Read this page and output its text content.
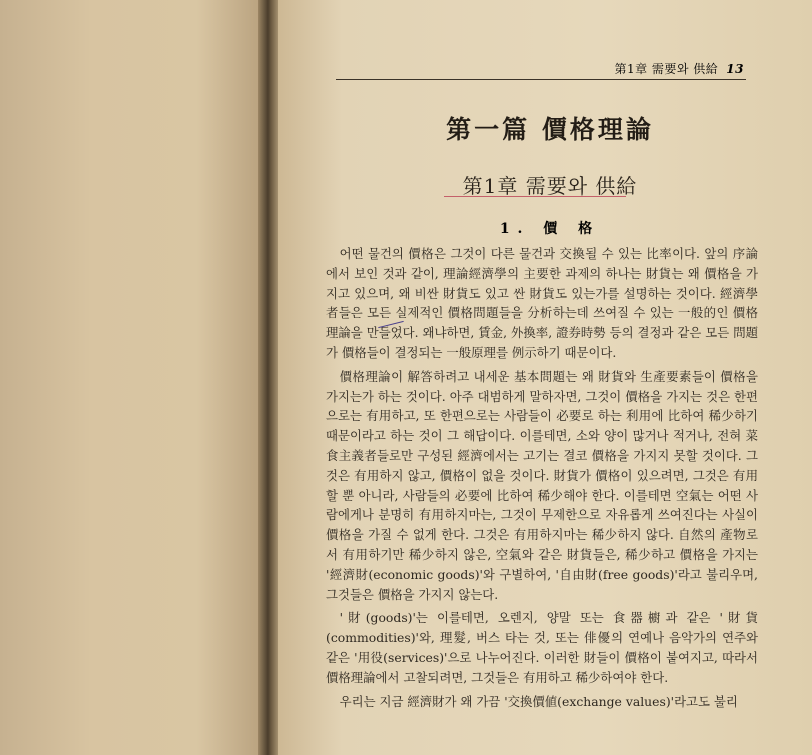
第1章 需要와 供給 13
第一篇 價格理論
第1章 需要와 供給
1. 價 格

어떤 물건의 價格은 그것이 다른 물건과 交換될 수 있는 比率이다. 앞의 序論에서 보인 것과 같이, 理論經濟學의 主要한 과제의 하나는 財貨는 왜 價格을 가지고 있으며, 왜 비싼 財貨도 있고 싼 財貨도 있는가를 설명하는 것이다. 經濟學者들은 모든 실제적인 價格問題들을 分析하는데 쓰여질 수 있는 一般的인 價格理論을 만들었다. 왜냐하면, 賃金, 外換率, 證券時勢 등의 결정과 같은 모든 問題가 價格들이 결정되는 一般原理를 例示하기 때문이다.

價格理論이 解答하려고 내세운 基本問題는 왜 財貨와 生產要素들이 價格을 가지는가 하는 것이다. 아주 대범하게 말하자면, 그것이 價格을 가지는 것은 한편으로는 有用하고, 또 한편으로는 사람들이 必要로 하는 利用에 比하여 稀少하기 때문이라고 하는 것이 그 해답이다. 이를테면, 소와 양이 많거나 적거나, 전혀 菜食主義者들로만 구성된 經濟에서는 고기는 결코 價格을 가지지 못할 것이다. 그것은 有用하지 않고, 價格이 없을 것이다. 財貨가 價格이 있으려면, 그것은 有用할 뿐 아니라, 사람들의 必要에 比하여 稀少해야 한다. 이를테면 空氣는 어떤 사람에게나 분명히 有用하지마는, 그것이 무제한으로 자유롭게 쓰여진다는 사실이 價格을 가질 수 없게 한다. 그것은 有用하지마는 稀少하지 않다. 自然의 產物로서 有用하기만 稀少하지 않은, 空氣와 같은 財貨들은, 稀少하고 價格을 가지는 '經濟財(economic goods)'와 구별하여, '自由財(free goods)'라고 불리우며, 그것들은 價格을 가지지 않는다.

'財(goods)'는 이를테면, 오렌지, 양말 또는 食器櫥과 같은 '財貨(commodities)'와, 理髮, 버스 타는 것, 또는 俳優의 연예나 음악가의 연주와 같은 '用役(services)'으로 나누어진다. 이러한 財들이 價格이 붙여지고, 따라서 價格理論에서 고찰되려면, 그것들은 有用하고 稀少하여야 한다.

우리는 지금 經濟財가 왜 가끔 '交換價値(exchange values)'라고도 불리
